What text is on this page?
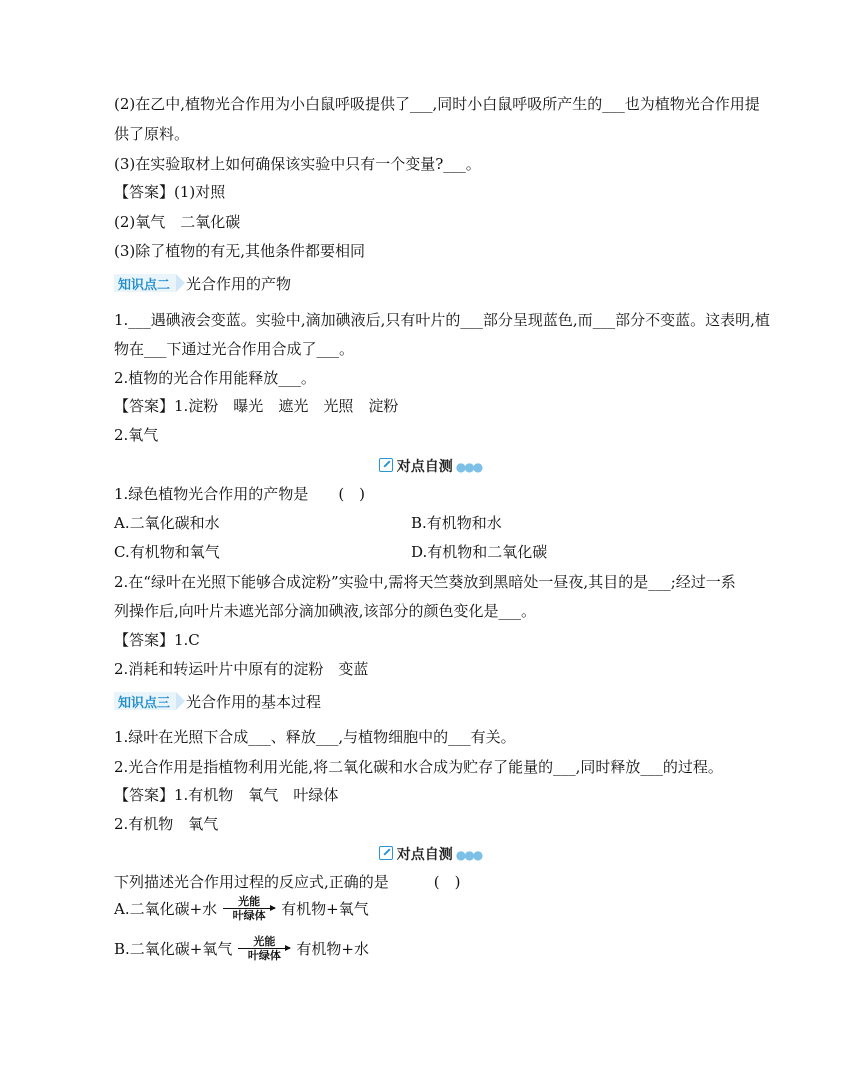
(2)在乙中,植物光合作用为小白鼠呼吸提供了___,同时小白鼠呼吸所产生的___也为植物光合作用提
供了原料。
(3)在实验取材上如何确保该实验中只有一个变量?___。
【答案】(1)对照
(2)氧气　二氧化碳
(3)除了植物的有无,其他条件都要相同
知识点二	光合作用的产物
1.___遇碘液会变蓝。实验中,滴加碘液后,只有叶片的___部分呈现蓝色,而___部分不变蓝。这表明,植
物在___下通过光合作用合成了___。
2.植物的光合作用能释放___。
【答案】1.淀粉　曝光　遮光　光照　淀粉
2.氧气
对点自测 ●●●
1.绿色植物光合作用的产物是　　(　)
A.二氧化碳和水	B.有机物和水
C.有机物和氧气	D.有机物和二氧化碳
2.在“绿叶在光照下能够合成淀粉”实验中,需将天竺葵放到黑暗处一昼夜,其目的是___;经过一系
列操作后,向叶片未遮光部分滴加碘液,该部分的颜色变化是___。
【答案】1.C
2.消耗和转运叶片中原有的淀粉　变蓝
知识点三	光合作用的基本过程
1.绿叶在光照下合成___、释放___,与植物细胞中的___有关。
2.光合作用是指植物利用光能,将二氧化碳和水合成为贮存了能量的___,同时释放___的过程。
【答案】1.有机物　氧气　叶绿体
2.有机物　氧气
对点自测 ●●●
下列描述光合作用过程的反应式,正确的是　　　(　)
A.二氧化碳+水 光能
叶绿体 有机物+氧气
B.二氧化碳+氧气 光能
叶绿体 有机物+水
